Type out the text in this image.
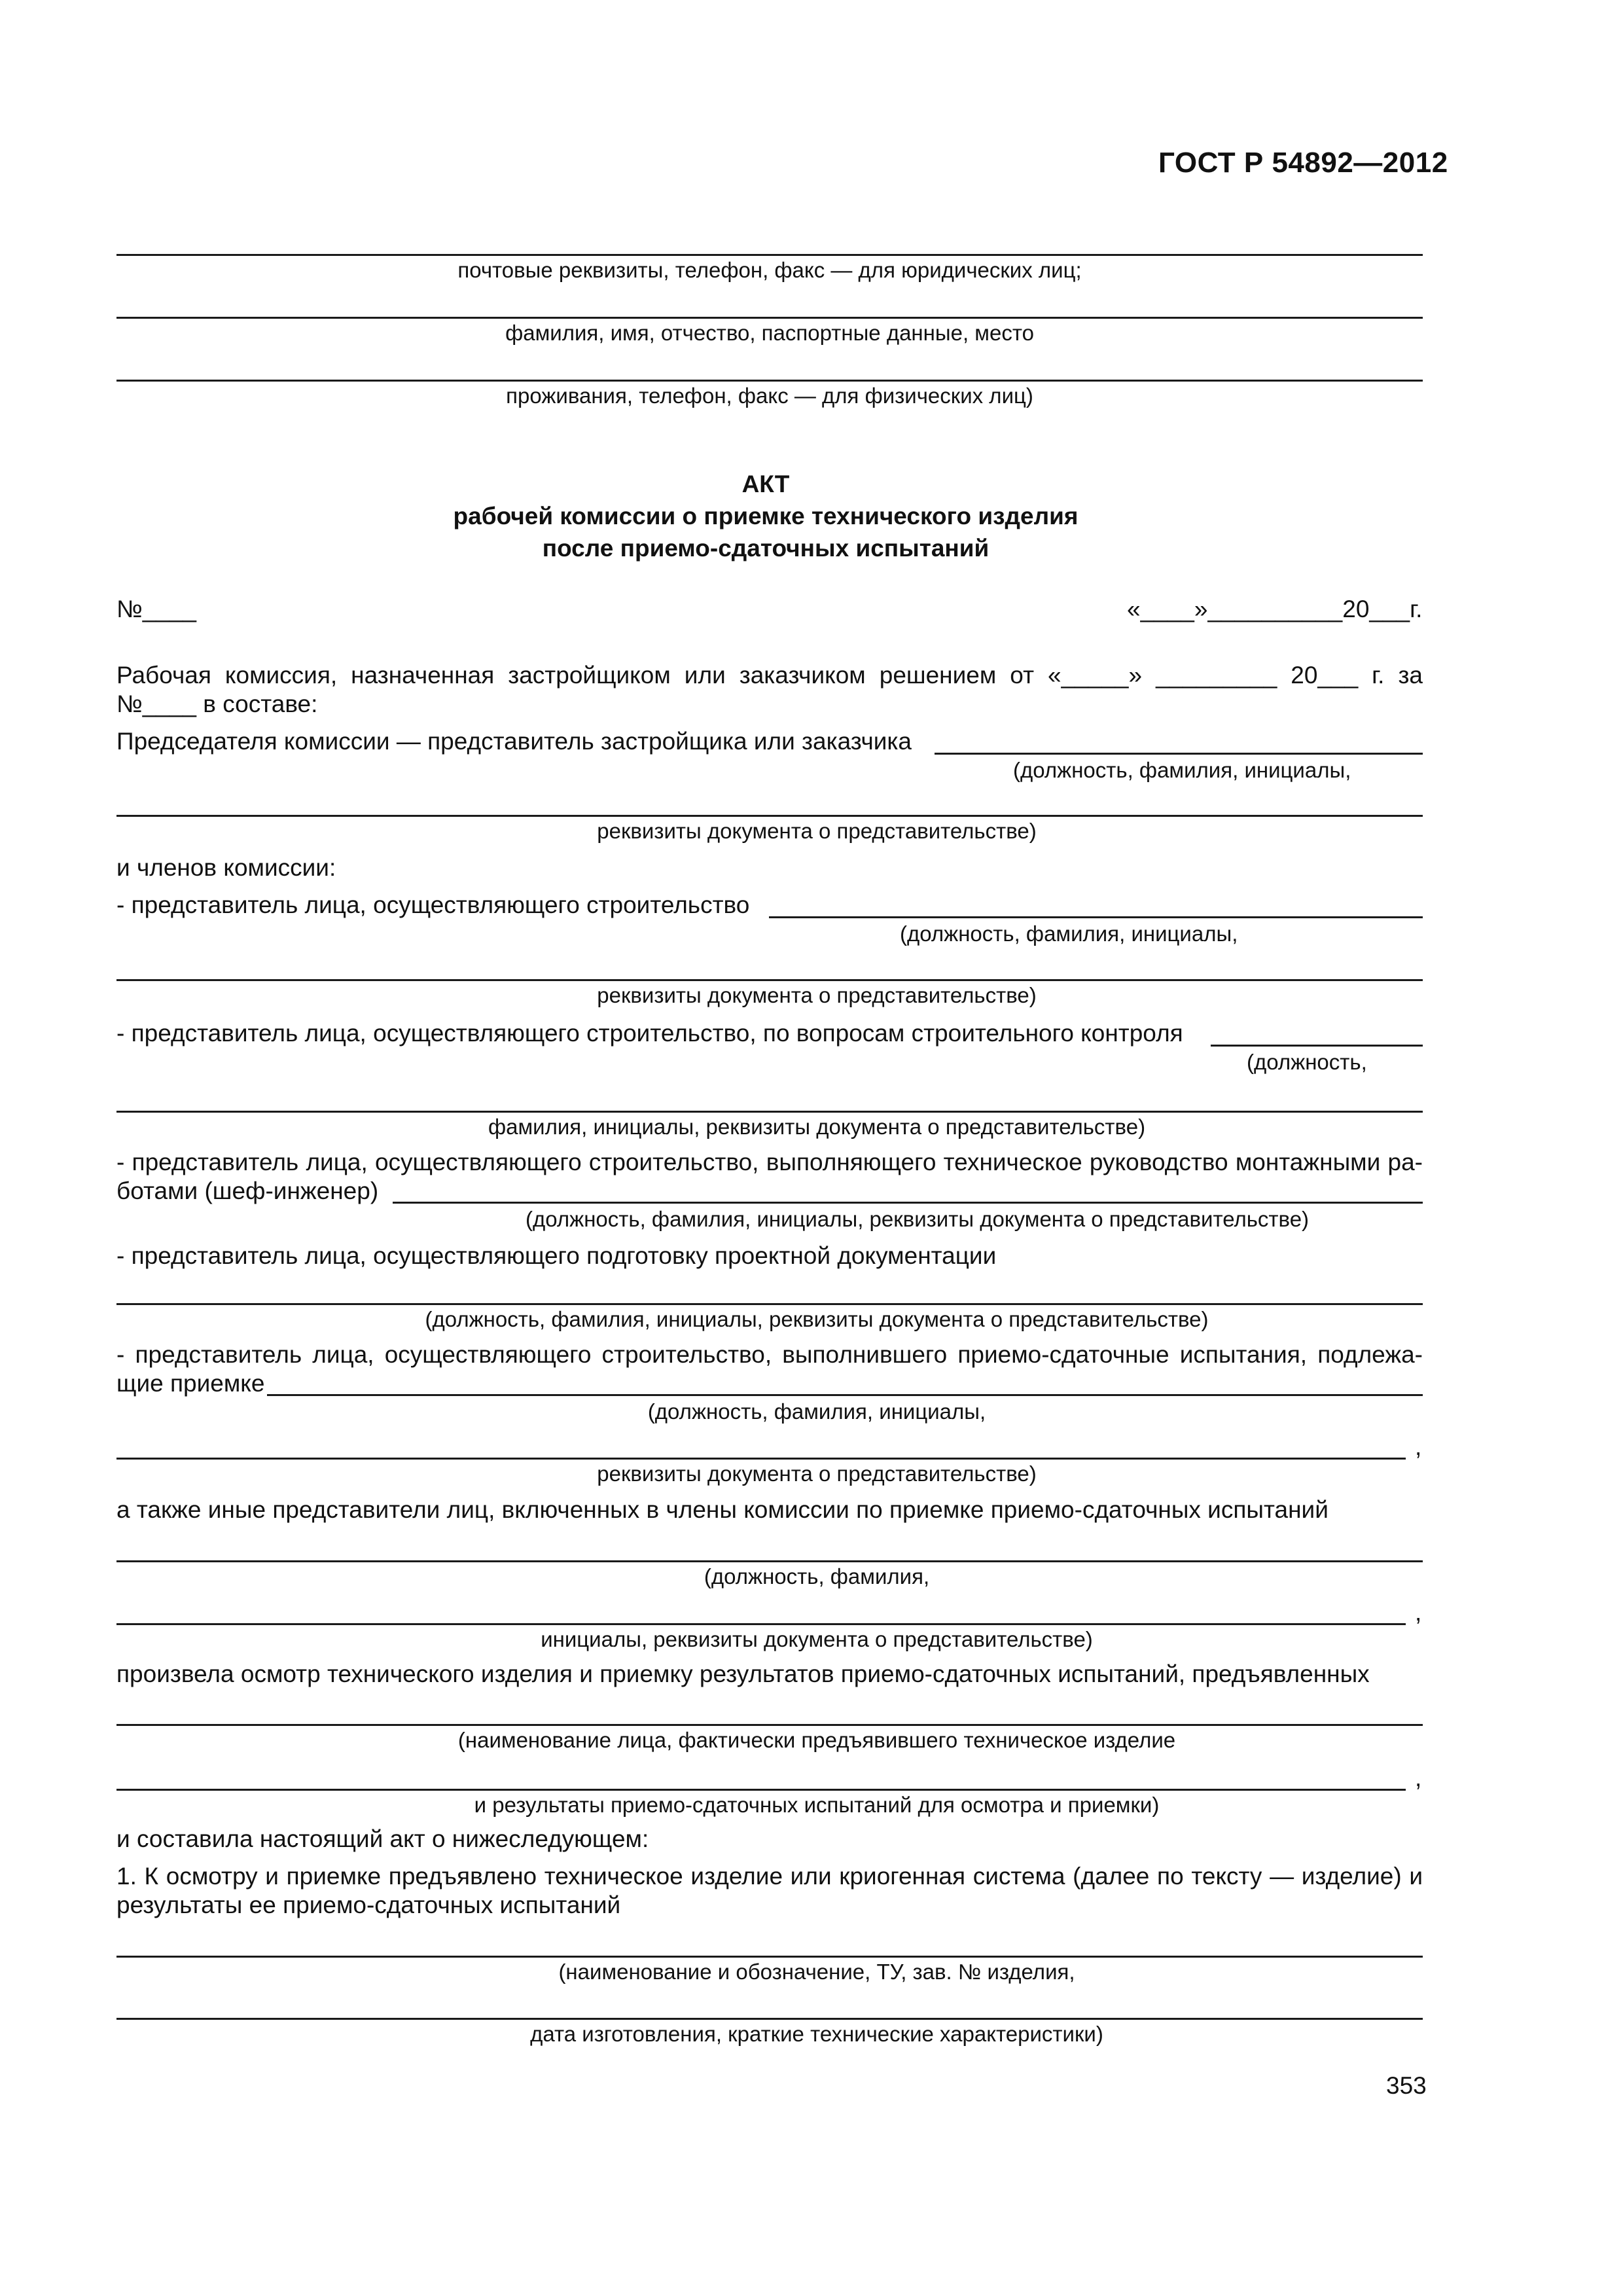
ГОСТ Р 54892—2012
почтовые реквизиты, телефон, факс — для юридических лиц;
фамилия, имя, отчество, паспортные данные, место
проживания, телефон, факс — для физических лиц)
АКТ
рабочей комиссии о приемке технического изделия
после приемо-сдаточных испытаний
№____	«____»__________20___г.
Рабочая комиссия, назначенная застройщиком или заказчиком решением от «_____» _________ 20___ г. за
№____ в составе:
Председателя комиссии — представитель застройщика или заказчика
(должность, фамилия, инициалы,
реквизиты документа о представительстве)
и членов комиссии:
- представитель лица, осуществляющего строительство
(должность, фамилия, инициалы,
реквизиты документа о представительстве)
- представитель лица, осуществляющего строительство, по вопросам строительного контроля
(должность,
фамилия, инициалы, реквизиты документа о представительстве)
- представитель лица, осуществляющего строительство, выполняющего техническое руководство монтажными ра-
ботами (шеф-инженер)
(должность, фамилия, инициалы, реквизиты документа о представительстве)
- представитель лица, осуществляющего подготовку проектной документации
(должность, фамилия, инициалы, реквизиты документа о представительстве)
- представитель лица, осуществляющего строительство, выполнившего приемо-сдаточные испытания, подлежа-
щие приемке
(должность, фамилия, инициалы,
,
реквизиты документа о представительстве)
а также иные представители лиц, включенных в члены комиссии по приемке приемо-сдаточных испытаний
(должность, фамилия,
,
инициалы, реквизиты документа о представительстве)
произвела осмотр технического изделия и приемку результатов приемо-сдаточных испытаний, предъявленных
(наименование лица, фактически предъявившего техническое изделие
,
и результаты приемо-сдаточных испытаний для осмотра и приемки)
и составила настоящий акт о нижеследующем:
1. К осмотру и приемке предъявлено техническое изделие или криогенная система (далее по тексту — изделие) и
результаты ее приемо-сдаточных испытаний
(наименование и обозначение, ТУ, зав. № изделия,
дата изготовления, краткие технические характеристики)
353
